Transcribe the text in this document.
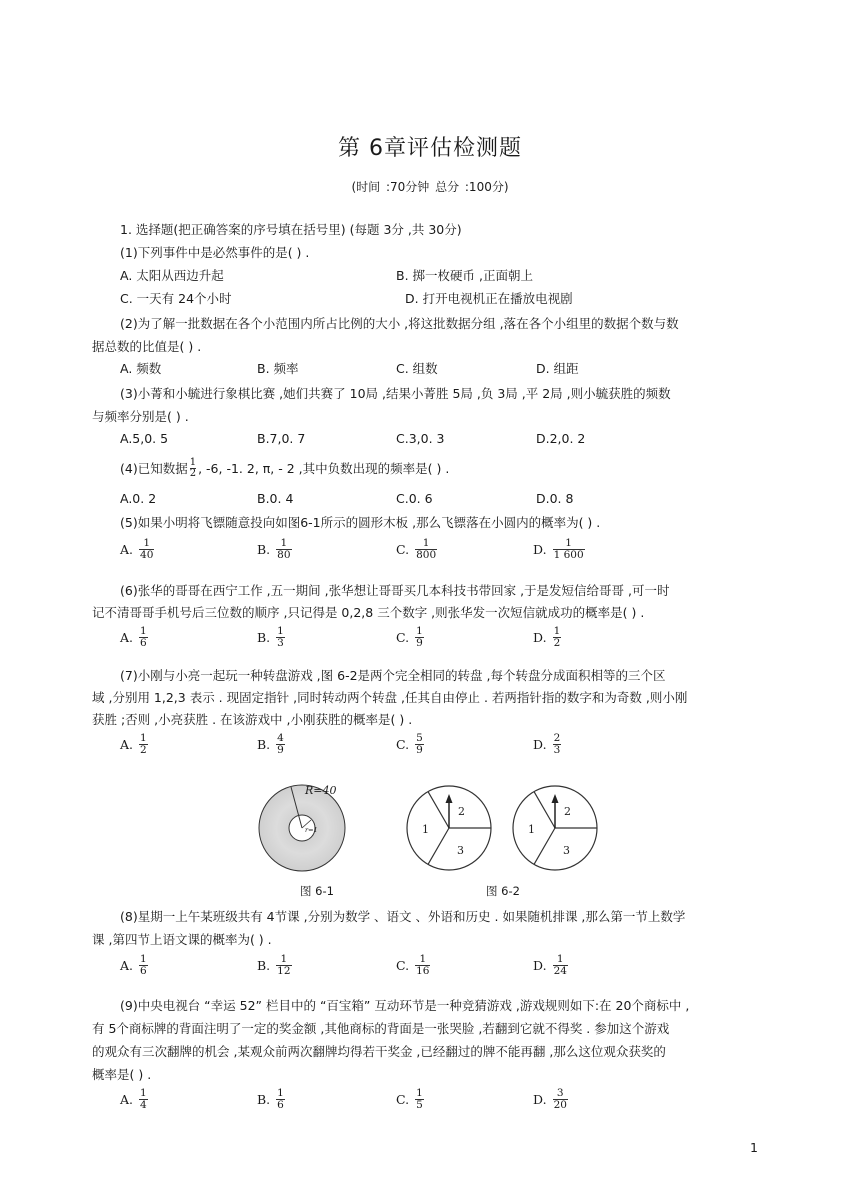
第 6章评估检测题
(时间 :70分钟 总分 :100分)
1. 选择题(把正确答案的序号填在括号里) (每题 3分 ,共 30分)
(1)下列事件中是必然事件的是( ) .
A. 太阳从西边升起	B. 掷一枚硬币 ,正面朝上
C. 一天有 24个小时	D. 打开电视机正在播放电视剧
(2)为了解一批数据在各个小范围内所占比例的大小 ,将这批数据分组 ,落在各个小组里的数据个数与数
据总数的比值是( ) .
A. 频数	B. 频率	C. 组数	D. 组距
(3)小菁和小毓进行象棋比赛 ,她们共赛了 10局 ,结果小菁胜 5局 ,负 3局 ,平 2局 ,则小毓获胜的频数
与频率分别是( ) .
A.5,0. 5	B.7,0. 7	C.3,0. 3	D.2,0. 2
(4)已知数据 $\frac{1}{2}$ , -6, -1. 2, π, - 2 ,其中负数出现的频率是( ) .
A.0. 2	B.0. 4	C.0. 6	D.0. 8
(5)如果小明将飞镖随意投向如图6-1所示的圆形木板 ,那么飞镖落在小圆内的概率为( ) .
A. $\frac{1}{40}$	B. $\frac{1}{80}$	C. $\frac{1}{800}$	D. $\frac{1}{1 600}$
(6)张华的哥哥在西宁工作 ,五一期间 ,张华想让哥哥买几本科技书带回家 ,于是发短信给哥哥 ,可一时
记不清哥哥手机号后三位数的顺序 ,只记得是 0,2,8 三个数字 ,则张华发一次短信就成功的概率是( ) .
A. $\frac{1}{6}$	B. $\frac{1}{3}$	C. $\frac{1}{9}$	D. $\frac{1}{2}$
(7)小刚与小亮一起玩一种转盘游戏 ,图 6-2是两个完全相同的转盘 ,每个转盘分成面积相等的三个区
域 ,分别用 1,2,3 表示 . 现固定指针 ,同时转动两个转盘 ,任其自由停止 . 若两指针指的数字和为奇数 ,则小刚
获胜 ;否则 ,小亮获胜 . 在该游戏中 ,小刚获胜的概率是( ) .
A. $\frac{1}{2}$	B. $\frac{4}{9}$	C. $\frac{5}{9}$	D. $\frac{2}{3}$
R=40
r=1	1
2
3
1
2
3
图 6-1	图 6-2
(8)星期一上午某班级共有 4节课 ,分别为数学 、语文 、外语和历史 . 如果随机排课 ,那么第一节上数学
课 ,第四节上语文课的概率为( ) .
A. $\frac{1}{6}$	B. $\frac{1}{12}$	C. $\frac{1}{16}$	D. $\frac{1}{24}$
(9)中央电视台 “幸运 52” 栏目中的 “百宝箱” 互动环节是一种竞猜游戏 ,游戏规则如下:在 20个商标中 ,
有 5个商标牌的背面注明了一定的奖金额 ,其他商标的背面是一张哭脸 ,若翻到它就不得奖 . 参加这个游戏
的观众有三次翻牌的机会 ,某观众前两次翻牌均得若干奖金 ,已经翻过的牌不能再翻 ,那么这位观众获奖的
概率是( ) .
A. $\frac{1}{4}$	B. $\frac{1}{6}$	C. $\frac{1}{5}$	D. $\frac{3}{20}$
1
